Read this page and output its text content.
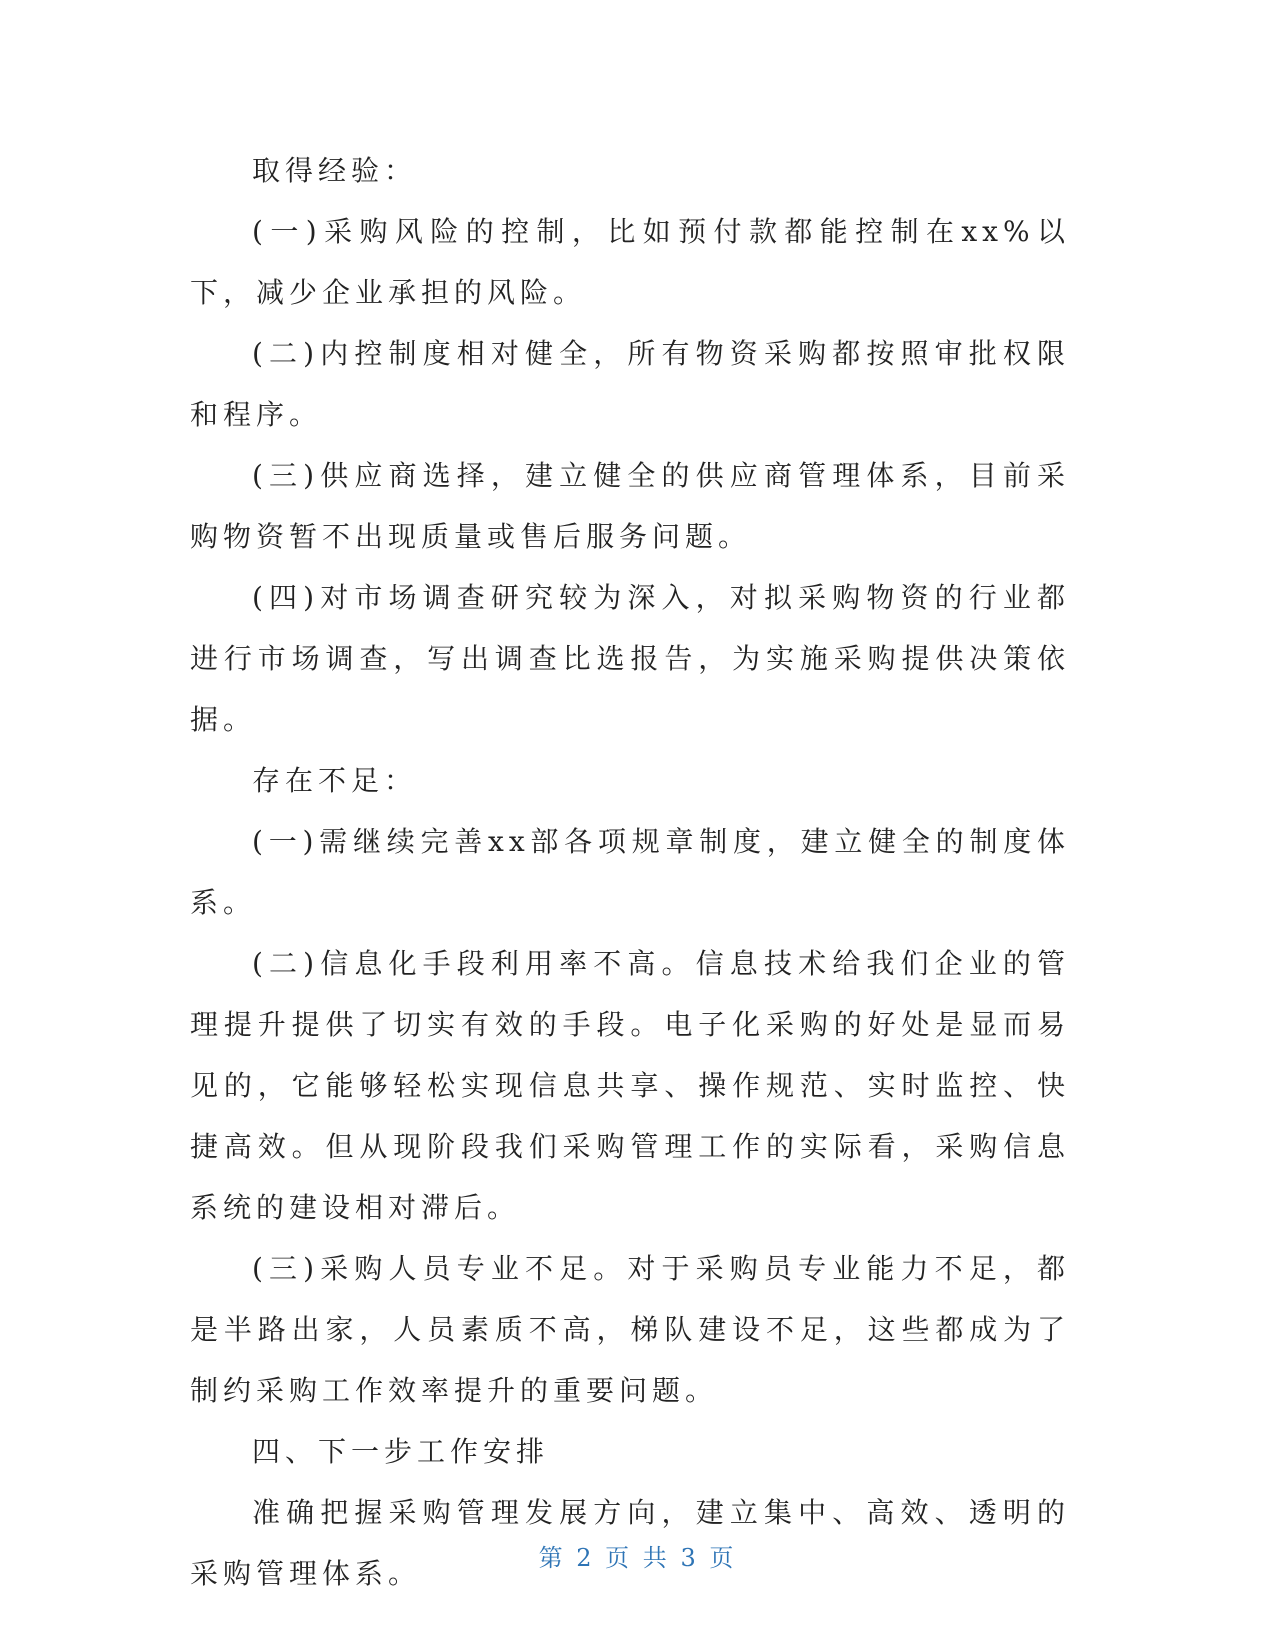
取得经验：

(一)采购风险的控制，比如预付款都能控制在xx%以下，减少企业承担的风险。

(二)内控制度相对健全，所有物资采购都按照审批权限和程序。

(三)供应商选择，建立健全的供应商管理体系，目前采购物资暂不出现质量或售后服务问题。

(四)对市场调查研究较为深入，对拟采购物资的行业都进行市场调查，写出调查比选报告，为实施采购提供决策依据。

存在不足：

(一)需继续完善xx部各项规章制度，建立健全的制度体系。

(二)信息化手段利用率不高。信息技术给我们企业的管理提升提供了切实有效的手段。电子化采购的好处是显而易见的，它能够轻松实现信息共享、操作规范、实时监控、快捷高效。但从现阶段我们采购管理工作的实际看，采购信息系统的建设相对滞后。

(三)采购人员专业不足。对于采购员专业能力不足，都是半路出家，人员素质不高，梯队建设不足，这些都成为了制约采购工作效率提升的重要问题。

四、下一步工作安排

准确把握采购管理发展方向，建立集中、高效、透明的采购管理体系。	第 2 页 共 3 页
